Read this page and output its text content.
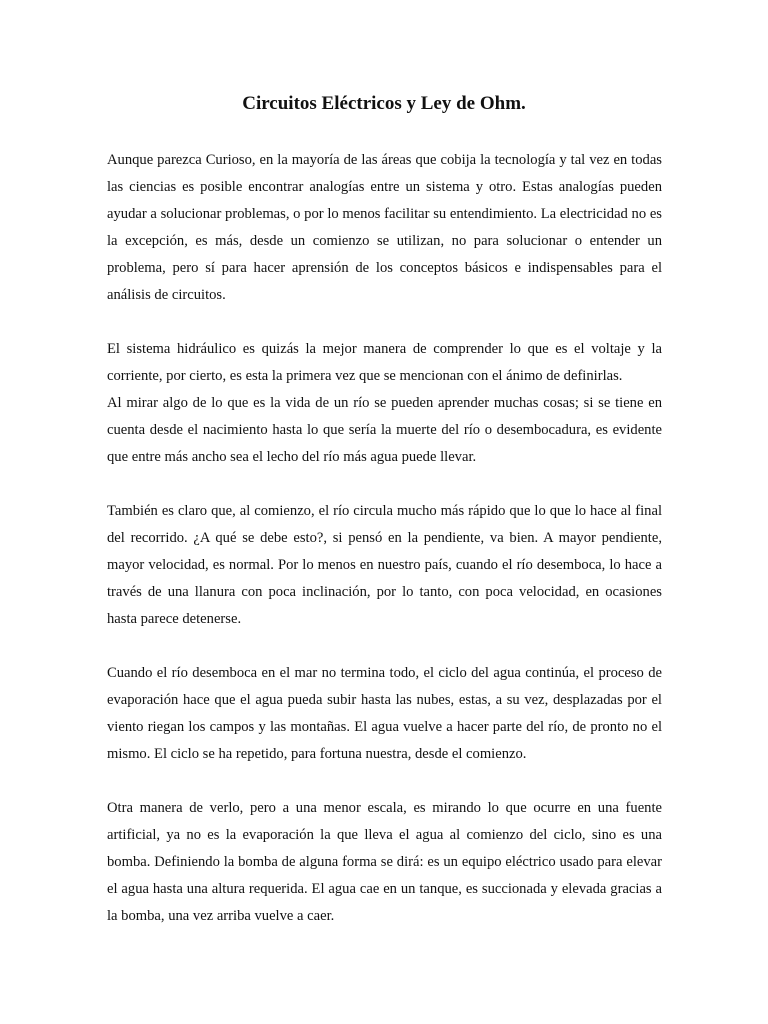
Circuitos Eléctricos y Ley de Ohm.

Aunque parezca Curioso, en la mayoría de las áreas que cobija la tecnología y tal vez en todas las ciencias es posible encontrar analogías entre un sistema y otro. Estas analogías pueden ayudar a solucionar problemas, o por lo menos facilitar su entendimiento. La electricidad no es la excepción, es más, desde un comienzo se utilizan, no para solucionar o entender un problema, pero sí para hacer aprensión de los conceptos básicos e indispensables para el análisis de circuitos.

El sistema hidráulico es quizás la mejor manera de comprender lo que es el voltaje y la corriente, por cierto, es esta la primera vez que se mencionan con el ánimo de definirlas.

Al mirar algo de lo que es la vida de un río se pueden aprender muchas cosas; si se tiene en cuenta desde el nacimiento hasta lo que sería la muerte del río o desembocadura, es evidente que entre más ancho sea el lecho del río más agua puede llevar.

También es claro que, al comienzo, el río circula mucho más rápido que lo que lo hace al final del recorrido. ¿A qué se debe esto?, si pensó en la pendiente, va bien. A mayor pendiente, mayor velocidad, es normal. Por lo menos en nuestro país, cuando el río desemboca, lo hace a través de una llanura con poca inclinación, por lo tanto, con poca velocidad, en ocasiones hasta parece detenerse.

Cuando el río desemboca en el mar no termina todo, el ciclo del agua continúa, el proceso de evaporación hace que el agua pueda subir hasta las nubes, estas, a su vez, desplazadas por el viento riegan los campos y las montañas. El agua vuelve a hacer parte del río, de pronto no el mismo. El ciclo se ha repetido, para fortuna nuestra, desde el comienzo.

Otra manera de verlo, pero a una menor escala, es mirando lo que ocurre en una fuente artificial, ya no es la evaporación la que lleva el agua al comienzo del ciclo, sino es una bomba. Definiendo la bomba de alguna forma se dirá: es un equipo eléctrico usado para elevar el agua hasta una altura requerida. El agua cae en un tanque, es succionada y elevada gracias a la bomba, una vez arriba vuelve a caer.
